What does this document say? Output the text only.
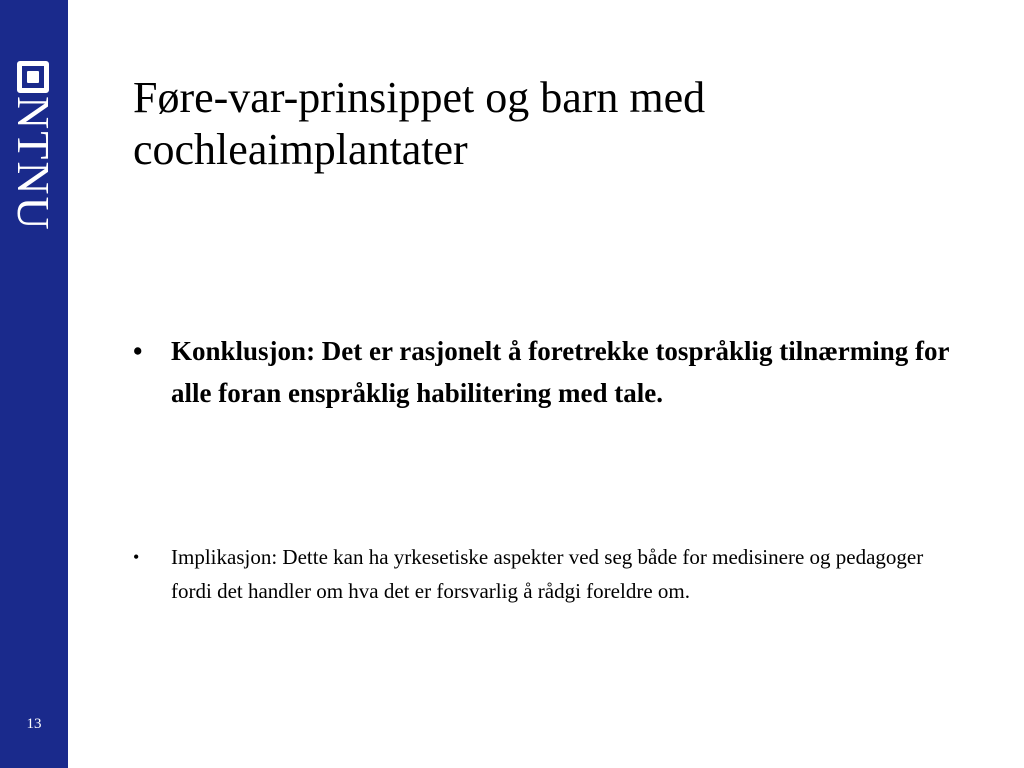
NTNU
13
Føre-var-prinsippet og barn med cochleaimplantater
•	Konklusjon: Det er rasjonelt å foretrekke tospråklig tilnærming for alle foran enspråklig habilitering med tale.
•	Implikasjon: Dette kan ha yrkesetiske aspekter ved seg både for medisinere og pedagoger fordi det handler om hva det er forsvarlig å rådgi foreldre om.
